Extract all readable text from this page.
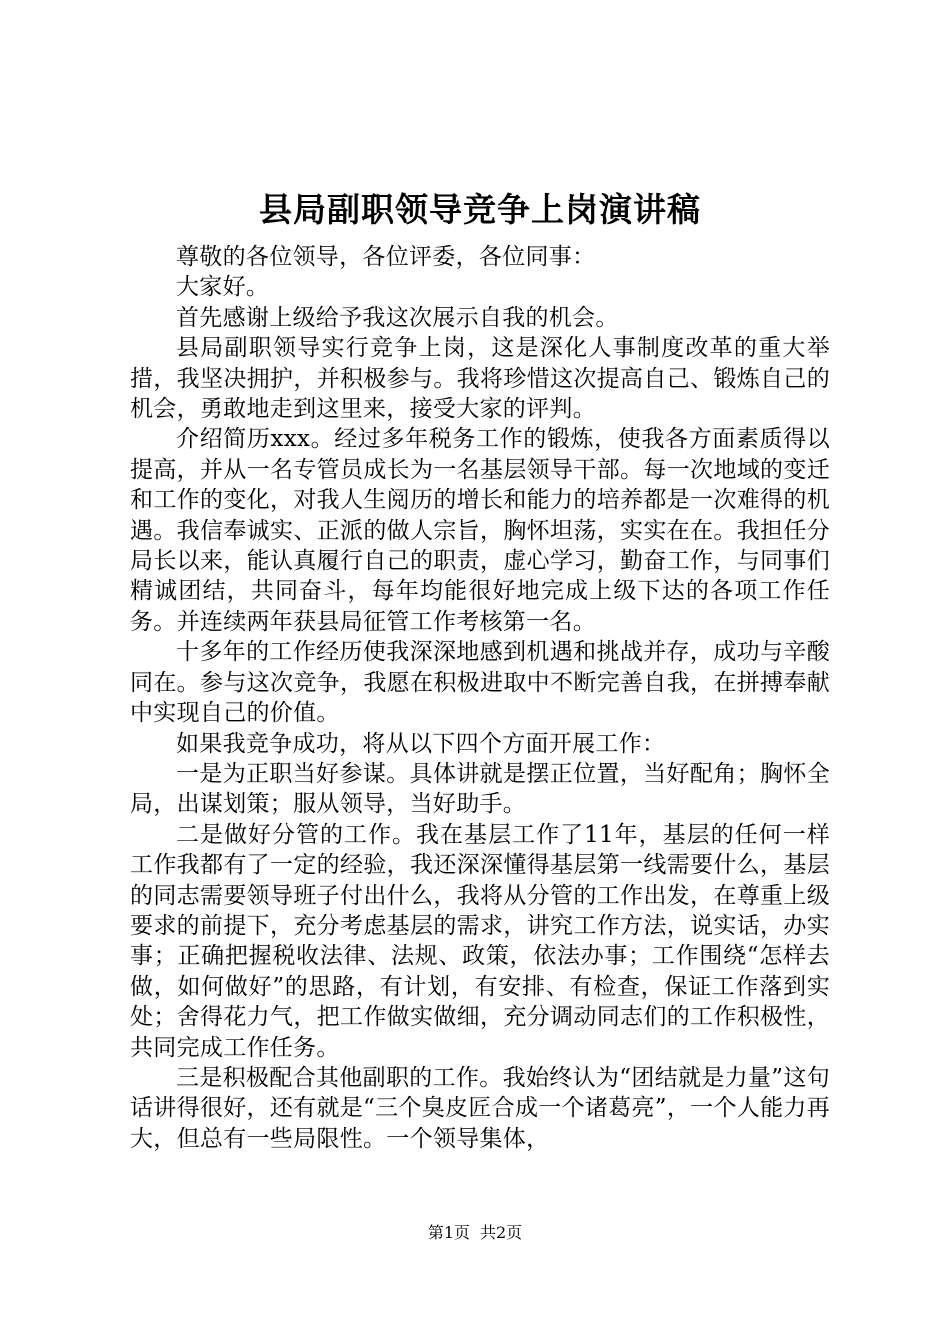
县局副职领导竞争上岗演讲稿

尊敬的各位领导，各位评委，各位同事：

大家好。

首先感谢上级给予我这次展示自我的机会。

县局副职领导实行竞争上岗，这是深化人事制度改革的重大举措，我坚决拥护，并积极参与。我将珍惜这次提高自己、锻炼自己的机会，勇敢地走到这里来，接受大家的评判。

介绍简历xxx。经过多年税务工作的锻炼，使我各方面素质得以提高，并从一名专管员成长为一名基层领导干部。每一次地域的变迁和工作的变化，对我人生阅历的增长和能力的培养都是一次难得的机遇。我信奉诚实、正派的做人宗旨，胸怀坦荡，实实在在。我担任分局长以来，能认真履行自己的职责，虚心学习，勤奋工作，与同事们精诚团结，共同奋斗，每年均能很好地完成上级下达的各项工作任务。并连续两年获县局征管工作考核第一名。

十多年的工作经历使我深深地感到机遇和挑战并存，成功与辛酸同在。参与这次竞争，我愿在积极进取中不断完善自我，在拼搏奉献中实现自己的价值。

如果我竞争成功，将从以下四个方面开展工作：

一是为正职当好参谋。具体讲就是摆正位置，当好配角；胸怀全局，出谋划策；服从领导，当好助手。

二是做好分管的工作。我在基层工作了11年，基层的任何一样工作我都有了一定的经验，我还深深懂得基层第一线需要什么，基层的同志需要领导班子付出什么，我将从分管的工作出发，在尊重上级要求的前提下，充分考虑基层的需求，讲究工作方法，说实话，办实事；正确把握税收法律、法规、政策，依法办事；工作围绕“怎样去做，如何做好”的思路，有计划，有安排、有检查，保证工作落到实处；舍得花力气，把工作做实做细，充分调动同志们的工作积极性，共同完成工作任务。

三是积极配合其他副职的工作。我始终认为“团结就是力量”这句话讲得很好，还有就是“三个臭皮匠合成一个诸葛亮”，一个人能力再大，但总有一些局限性。一个领导集体，

第1页 共2页
